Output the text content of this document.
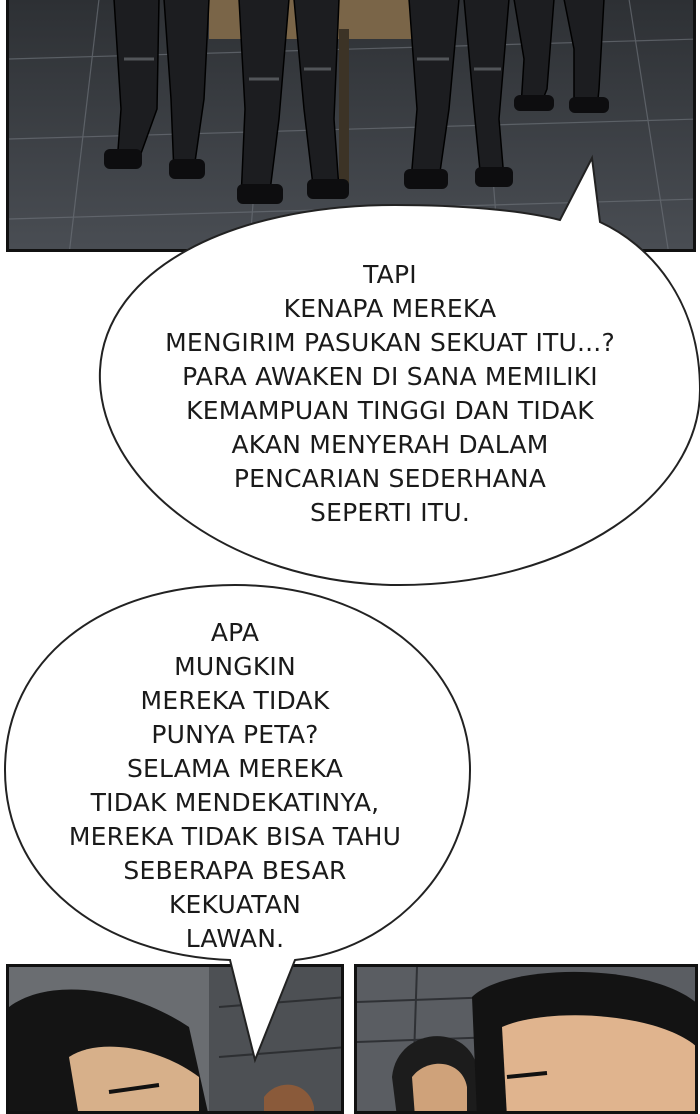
TAPI
KENAPA MEREKA
MENGIRIM PASUKAN SEKUAT ITU...?
PARA AWAKEN DI SANA MEMILIKI
KEMAMPUAN TINGGI DAN TIDAK
AKAN MENYERAH DALAM
PENCARIAN SEDERHANA
SEPERTI ITU.
APA
MUNGKIN
MEREKA TIDAK
PUNYA PETA?
SELAMA MEREKA
TIDAK MENDEKATINYA,
MEREKA TIDAK BISA TAHU
SEBERAPA BESAR
KEKUATAN
LAWAN.
